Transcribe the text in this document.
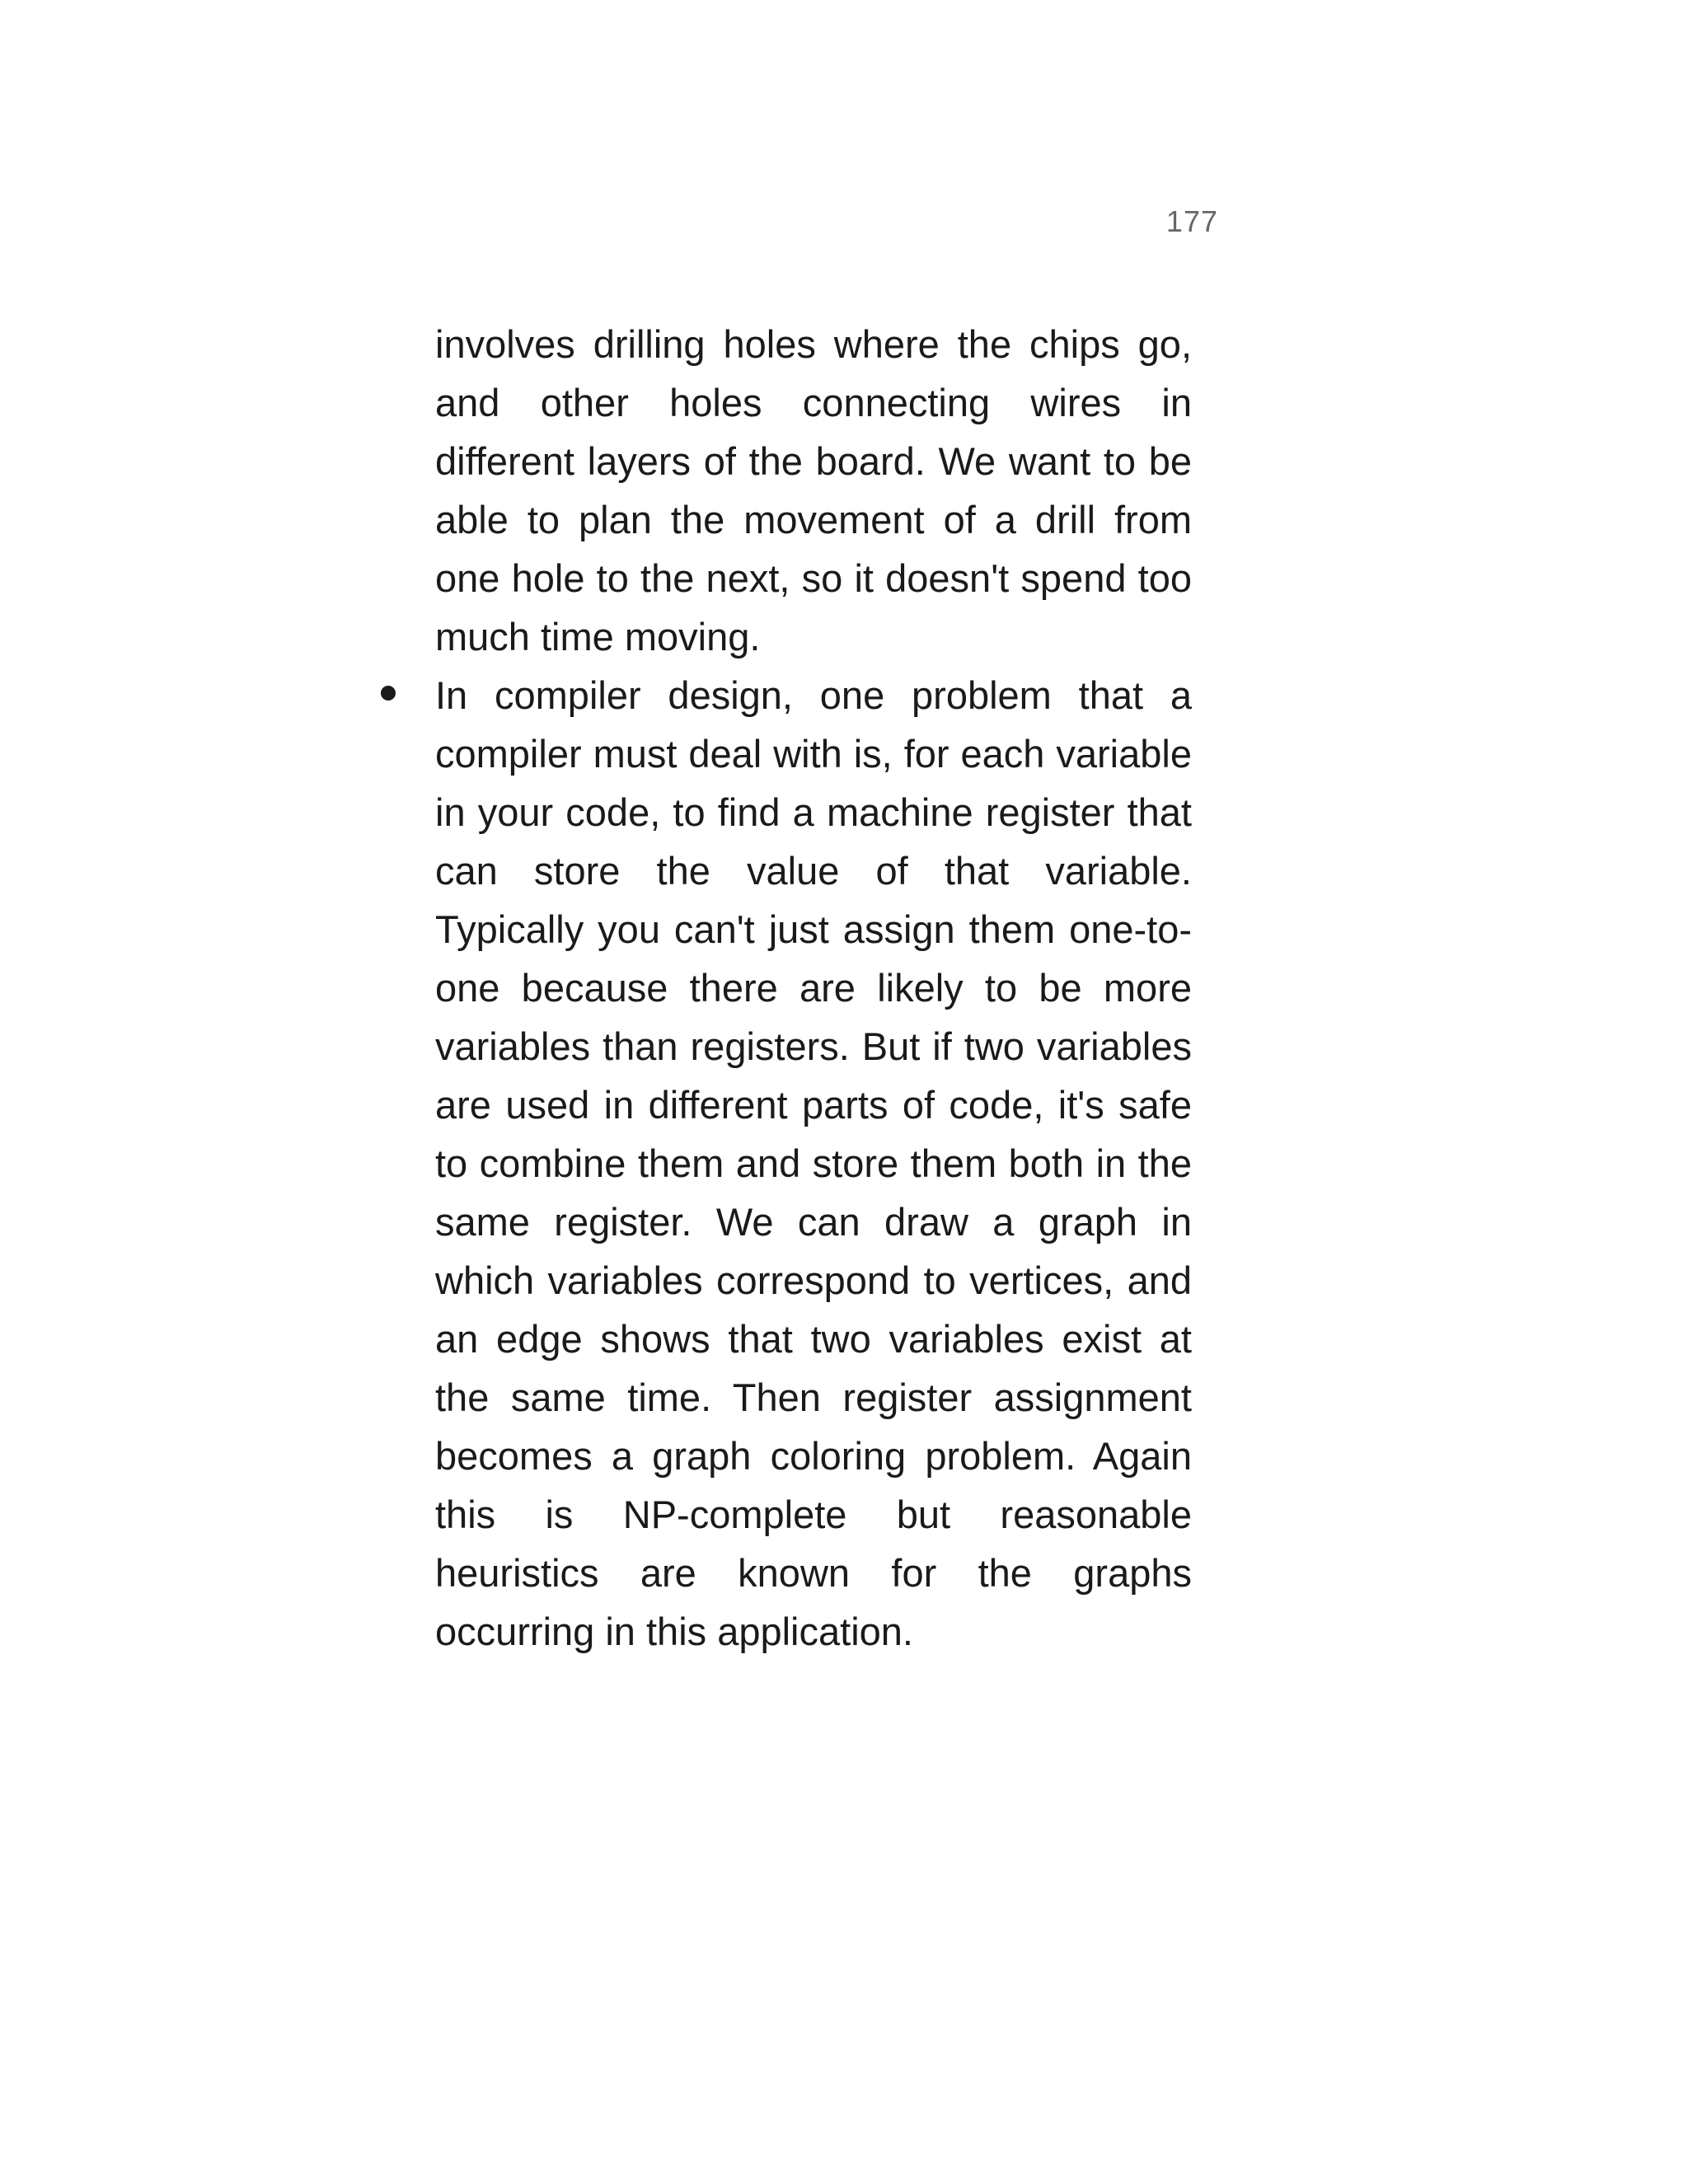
177

involves drilling holes where the chips go, and other holes connecting wires in different layers of the board. We want to be able to plan the movement of a drill from one hole to the next, so it doesn't spend too much time moving.

In compiler design, one problem that a compiler must deal with is, for each variable in your code, to find a machine register that can store the value of that variable. Typically you can't just assign them one-to-one because there are likely to be more variables than registers. But if two variables are used in different parts of code, it's safe to combine them and store them both in the same register. We can draw a graph in which variables correspond to vertices, and an edge shows that two variables exist at the same time. Then register assignment becomes a graph coloring problem. Again this is NP-complete but reasonable heuristics are known for the graphs occurring in this application.
